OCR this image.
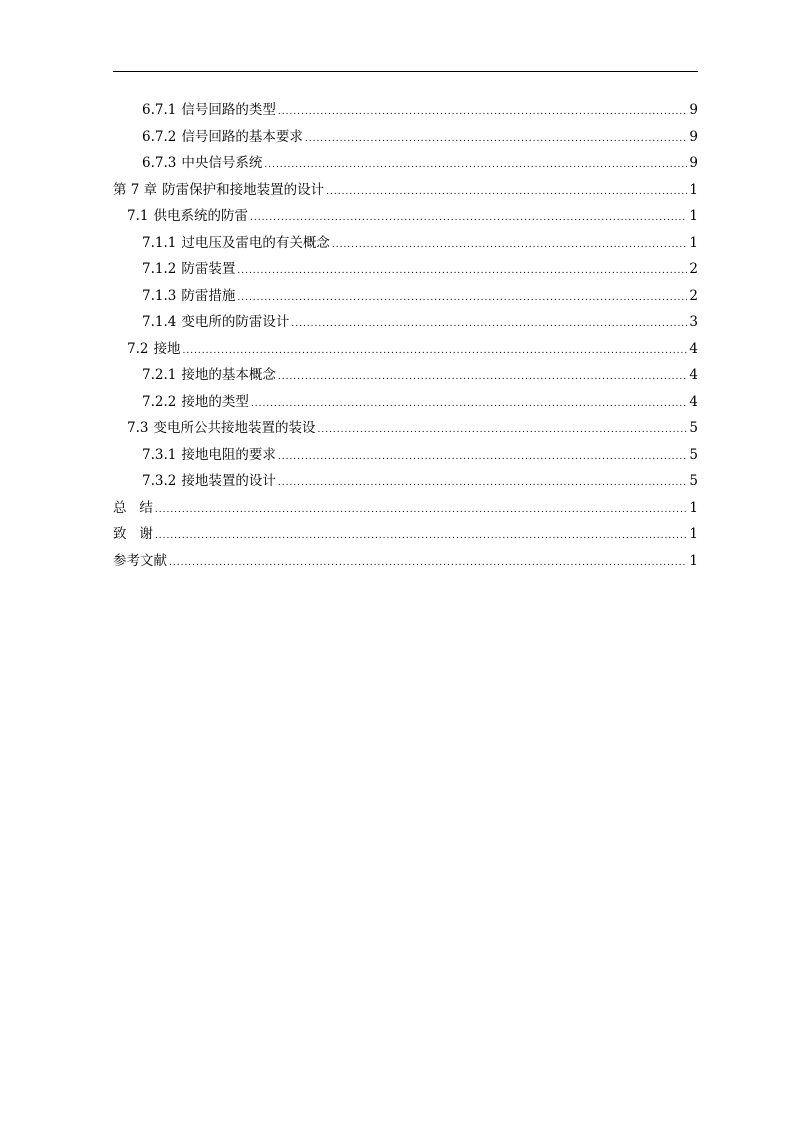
6.7.1 信号回路的类型 .....	9
6.7.2 信号回路的基本要求 .....	9
6.7.3 中央信号系统 .....	9
第 7 章 防雷保护和接地装置的设计 .....	1
7.1 供电系统的防雷 .....	1
7.1.1 过电压及雷电的有关概念 .....	1
7.1.2 防雷装置 .....	2
7.1.3 防雷措施 .....	2
7.1.4 变电所的防雷设计 .....	3
7.2 接地 .....	4
7.2.1 接地的基本概念 .....	4
7.2.2 接地的类型 .....	4
7.3 变电所公共接地装置的装设 .....	5
7.3.1 接地电阻的要求 .....	5
7.3.2 接地装置的设计 .....	5
总   结 .....	1
致   谢 .....	1
参考文献 .....	1
